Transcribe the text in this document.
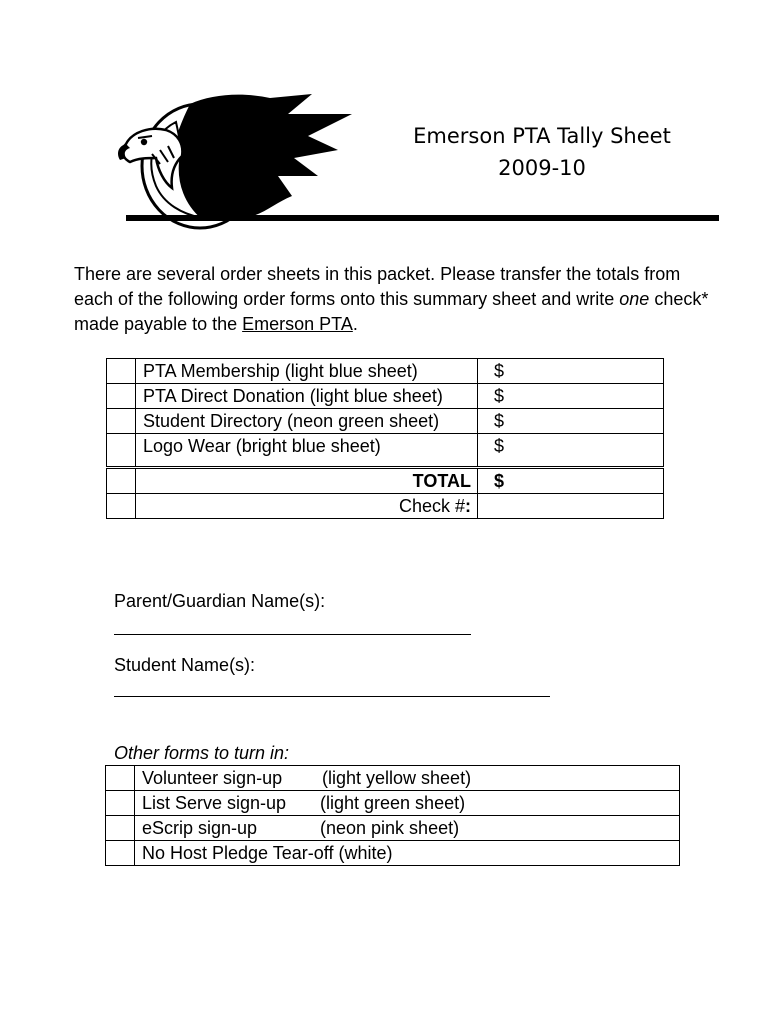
Emerson PTA Tally Sheet
2009-10
There are several order sheets in this packet. Please transfer the totals from each of the following order forms onto this summary sheet and write one check* made payable to the Emerson PTA.
	PTA Membership (light blue sheet)	$
	PTA Direct Donation (light blue sheet)	$
	Student Directory (neon green sheet)	$
	Logo Wear (bright blue sheet)	$
	TOTAL	$
	Check #:	
Parent/Guardian Name(s):
Student Name(s):
Other forms to turn in:
	Volunteer sign-up (light yellow sheet)
	List Serve sign-up (light green sheet)
	eScrip sign-up (neon pink sheet)
	No Host Pledge Tear-off (white)
